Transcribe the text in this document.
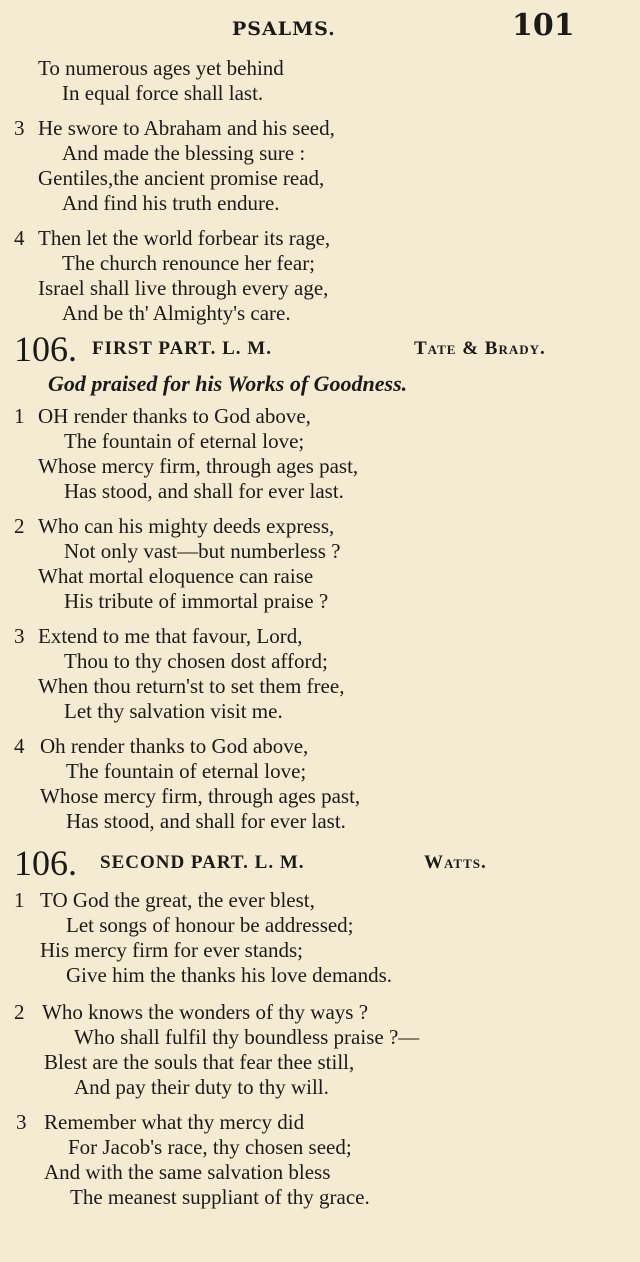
PSALMS.	101
To numerous ages yet behind
In equal force shall last.
3 He swore to Abraham and his seed,
And made the blessing sure :
Gentiles,the ancient promise read,
And find his truth endure.
4 Then let the world forbear its rage,
The church renounce her fear;
Israel shall live through every age,
And be th' Almighty's care.
106. FIRST PART. L. M.	Tate & Brady.
God praised for his Works of Goodness.
1 OH render thanks to God above,
The fountain of eternal love;
Whose mercy firm, through ages past,
Has stood, and shall for ever last.
2 Who can his mighty deeds express,
Not only vast—but numberless ?
What mortal eloquence can raise
His tribute of immortal praise ?
3 Extend to me that favour, Lord,
Thou to thy chosen dost afford;
When thou return'st to set them free,
Let thy salvation visit me.
4 Oh render thanks to God above,
The fountain of eternal love;
Whose mercy firm, through ages past,
Has stood, and shall for ever last.
106. SECOND PART. L. M.	Watts.
1 TO God the great, the ever blest,
Let songs of honour be addressed;
His mercy firm for ever stands;
Give him the thanks his love demands.
2 Who knows the wonders of thy ways ?
Who shall fulfil thy boundless praise ?—
Blest are the souls that fear thee still,
And pay their duty to thy will.
3 Remember what thy mercy did
For Jacob's race, thy chosen seed;
And with the same salvation bless
The meanest suppliant of thy grace.
